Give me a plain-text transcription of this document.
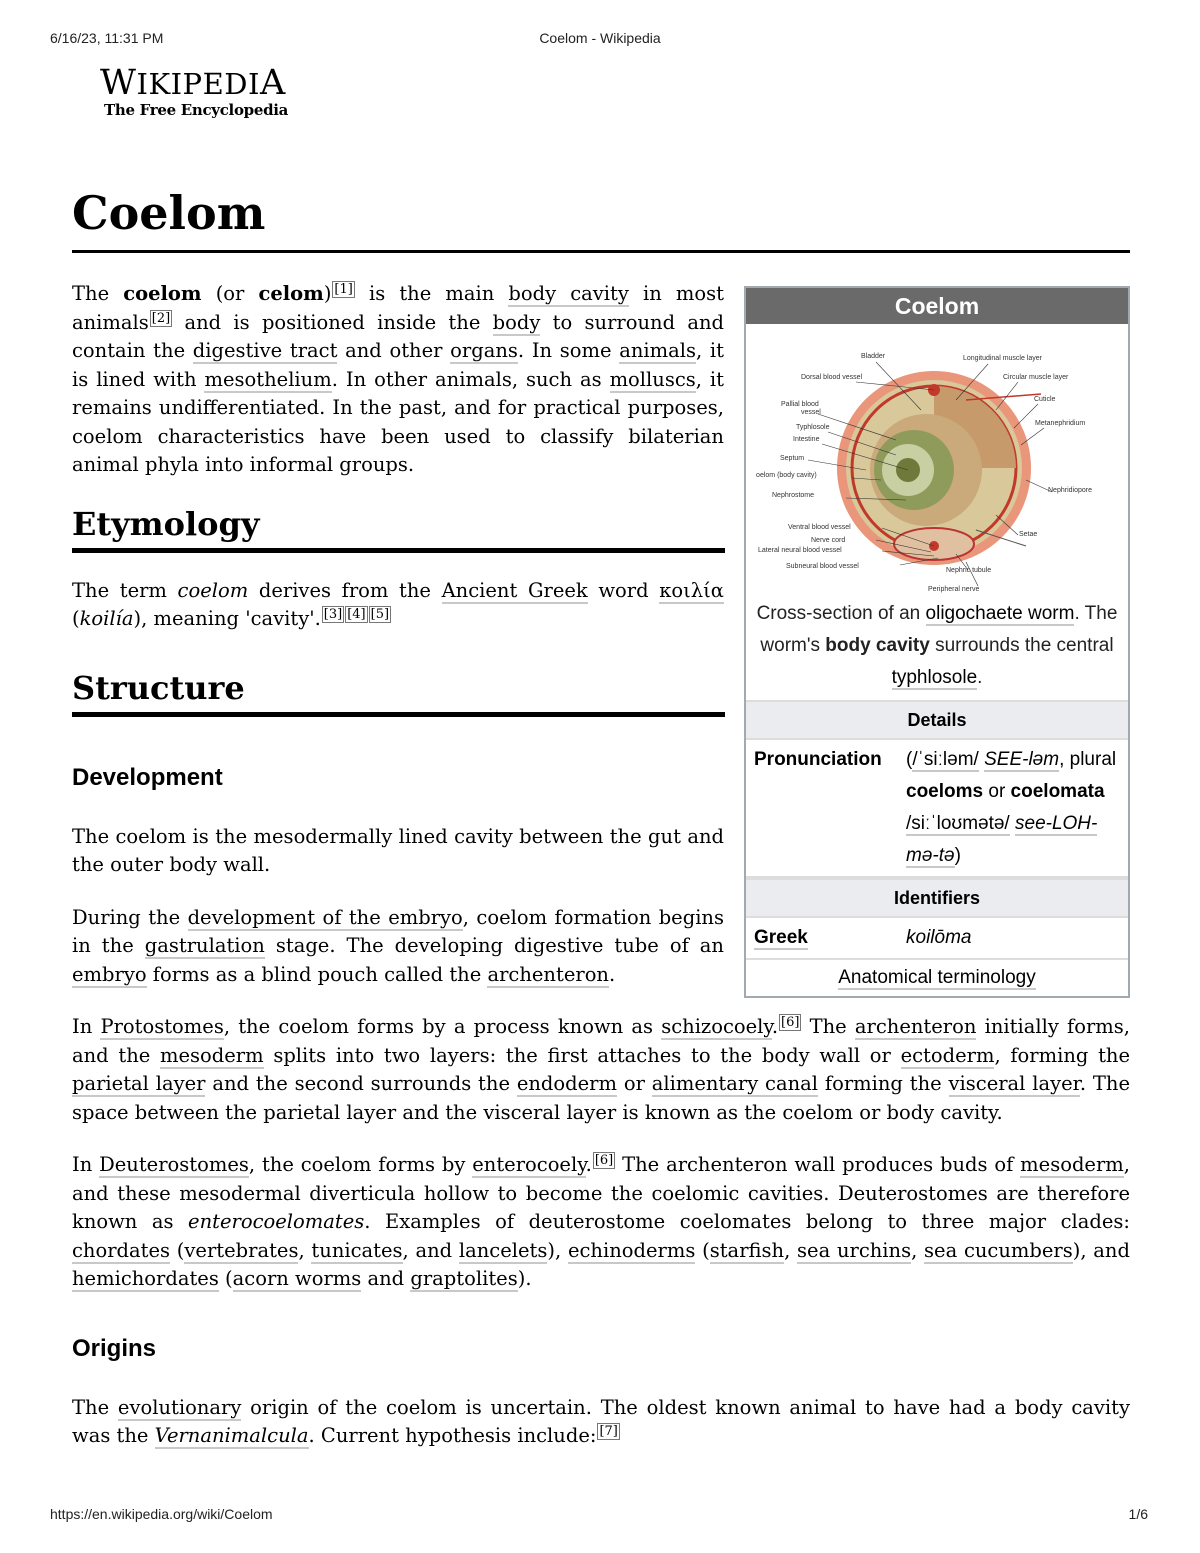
6/16/23, 11:31 PM	Coelom - Wikipedia
WIKIPEDIA
The Free Encyclopedia
Coelom
Coelom
Bladder	Longitudinal muscle layer
Dorsal blood vessel	Circular muscle layer
Pallial blood
vessel
Cuticle
Typhlosole
Metanephridium
Intestine
Septum
Coelom (body cavity)
Nephridiopore
Nephrostome
Ventral blood vessel
Setae
Nerve cord
Lateral neural blood vessel
Subneural blood vessel
Nephric tubule
Peripheral nerve
Cross-section of an oligochaete worm. The worm's body cavity surrounds the central typhlosole.
Details
Pronunciation	(/ˈsiːləm/ SEE-ləm, plural coeloms or coelomata /siːˈloʊmətə/ see-LOH-mə-tə)
Identifiers
Greek	koilōma
Anatomical terminology

The coelom (or celom) [1] is the main body cavity in most animals [2] and is positioned inside the body to surround and contain the digestive tract and other organs. In some animals, it is lined with mesothelium. In other animals, such as molluscs, it remains undifferentiated. In the past, and for practical purposes, coelom characteristics have been used to classify bilaterian animal phyla into informal groups.

Etymology

The term coelom derives from the Ancient Greek word κοιλία (koilía), meaning 'cavity'. [3] [4] [5]

Structure
Development

The coelom is the mesodermally lined cavity between the gut and the outer body wall.

During the development of the embryo, coelom formation begins in the gastrulation stage. The developing digestive tube of an embryo forms as a blind pouch called the archenteron.

In Protostomes, the coelom forms by a process known as schizocoely. [6] The archenteron initially forms, and the mesoderm splits into two layers: the first attaches to the body wall or ectoderm, forming the parietal layer and the second surrounds the endoderm or alimentary canal forming the visceral layer. The space between the parietal layer and the visceral layer is known as the coelom or body cavity.

In Deuterostomes, the coelom forms by enterocoely. [6] The archenteron wall produces buds of mesoderm, and these mesodermal diverticula hollow to become the coelomic cavities. Deuterostomes are therefore known as enterocoelomates. Examples of deuterostome coelomates belong to three major clades: chordates (vertebrates, tunicates, and lancelets), echinoderms (starfish, sea urchins, sea cucumbers), and hemichordates (acorn worms and graptolites).

Origins

The evolutionary origin of the coelom is uncertain. The oldest known animal to have had a body cavity was the Vernanimalcula. Current hypothesis include: [7]

https://en.wikipedia.org/wiki/Coelom	1/6
